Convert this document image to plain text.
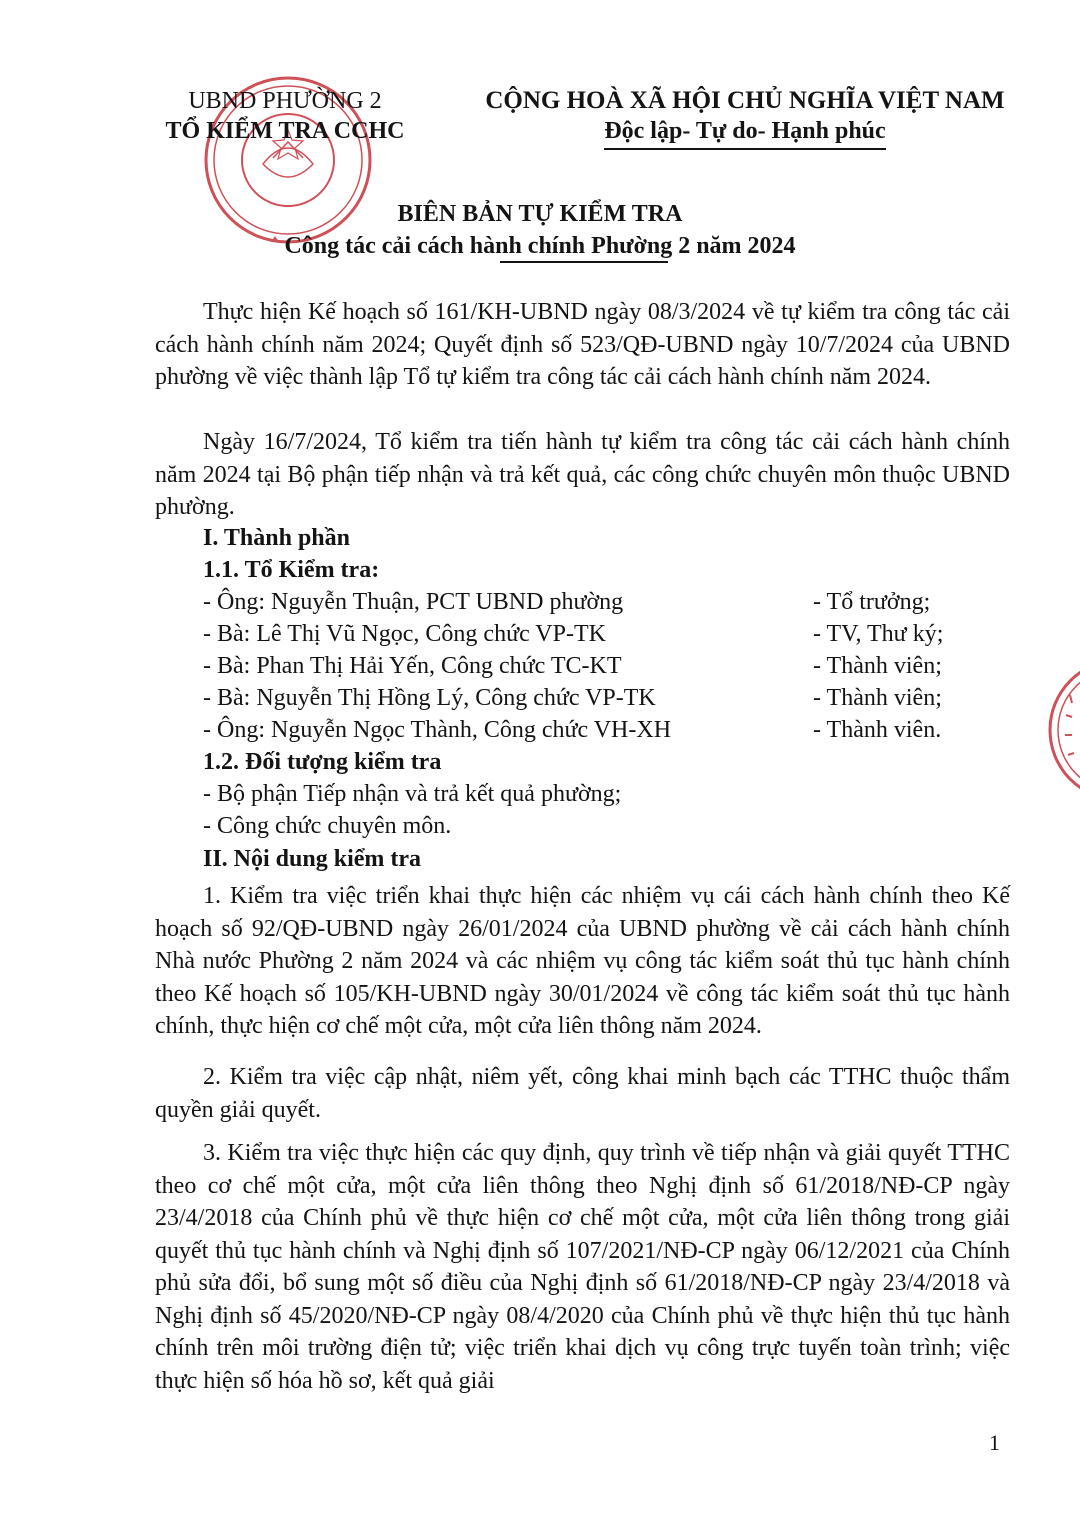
UBND PHƯỜNG 2
TỔ KIỂM TRA CCHC
CỘNG HOÀ XÃ HỘI CHỦ NGHĨA VIỆT NAM
Độc lập- Tự do- Hạnh phúc
BIÊN BẢN TỰ KIỂM TRA
Công tác cải cách hành chính Phường 2 năm 2024
Thực hiện Kế hoạch số 161/KH-UBND ngày 08/3/2024 về tự kiểm tra công tác cải cách hành chính năm 2024; Quyết định số 523/QĐ-UBND ngày 10/7/2024 của UBND phường về việc thành lập Tổ tự kiểm tra công tác cải cách hành chính năm 2024.
Ngày 16/7/2024, Tổ kiểm tra tiến hành tự kiểm tra công tác cải cách hành chính năm 2024 tại Bộ phận tiếp nhận và trả kết quả, các công chức chuyên môn thuộc UBND phường.
I. Thành phần
1.1. Tổ Kiểm tra:
- Ông: Nguyễn Thuận, PCT UBND phường	- Tổ trưởng;
- Bà: Lê Thị Vũ Ngọc, Công chức VP-TK	- TV, Thư ký;
- Bà: Phan Thị Hải Yến, Công chức TC-KT	- Thành viên;
- Bà: Nguyễn Thị Hồng Lý, Công chức VP-TK	- Thành viên;
- Ông: Nguyễn Ngọc Thành, Công chức VH-XH	- Thành viên.
1.2. Đối tượng kiểm tra
- Bộ phận Tiếp nhận và trả kết quả phường;
- Công chức chuyên môn.
II. Nội dung kiểm tra
1. Kiểm tra việc triển khai thực hiện các nhiệm vụ cái cách hành chính theo Kế hoạch số 92/QĐ-UBND ngày 26/01/2024 của UBND phường về cải cách hành chính Nhà nước Phường 2 năm 2024 và các nhiệm vụ công tác kiểm soát thủ tục hành chính theo Kế hoạch số 105/KH-UBND ngày 30/01/2024 về công tác kiểm soát thủ tục hành chính, thực hiện cơ chế một cửa, một cửa liên thông năm 2024.
2. Kiểm tra việc cập nhật, niêm yết, công khai minh bạch các TTHC thuộc thẩm quyền giải quyết.
3. Kiểm tra việc thực hiện các quy định, quy trình về tiếp nhận và giải quyết TTHC theo cơ chế một cửa, một cửa liên thông theo Nghị định số 61/2018/NĐ-CP ngày 23/4/2018 của Chính phủ về thực hiện cơ chế một cửa, một cửa liên thông trong giải quyết thủ tục hành chính và Nghị định số 107/2021/NĐ-CP ngày 06/12/2021 của Chính phủ sửa đổi, bổ sung một số điều của Nghị định số 61/2018/NĐ-CP ngày 23/4/2018 và Nghị định số 45/2020/NĐ-CP ngày 08/4/2020 của Chính phủ về thực hiện thủ tục hành chính trên môi trường điện tử; việc triển khai dịch vụ công trực tuyến toàn trình; việc thực hiện số hóa hồ sơ, kết quả giải
1
